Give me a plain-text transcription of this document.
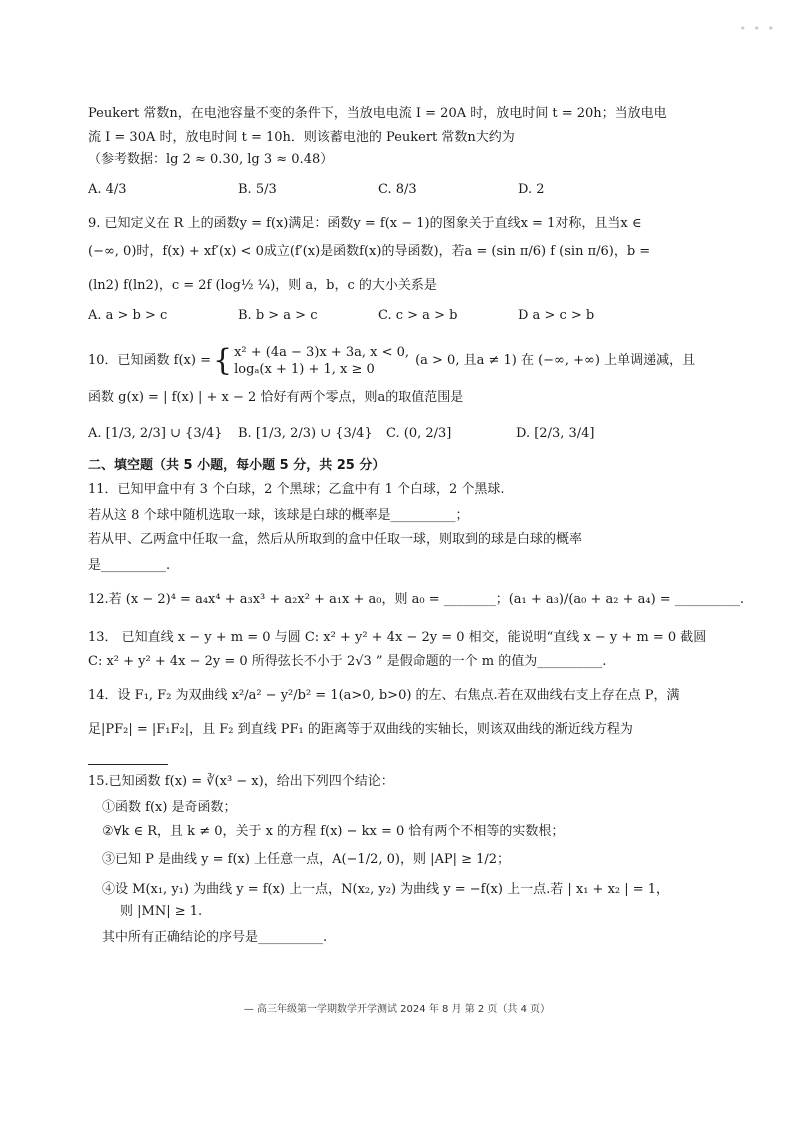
• • •
Peukert 常数n，在电池容量不变的条件下，当放电电流 I = 20A 时，放电时间 t = 20h；当放电电
流 I = 30A 时，放电时间 t = 10h．则该蓄电池的 Peukert 常数n大约为
（参考数据：lg 2 ≈ 0.30, lg 3 ≈ 0.48）
A. 4/3	B. 5/3	C. 8/3	D. 2
9. 已知定义在 R 上的函数y = f(x)满足：函数y = f(x − 1)的图象关于直线x = 1对称，且当x ∈
(−∞, 0)时，f(x) + xf′(x) < 0成立(f′(x)是函数f(x)的导函数)，若a = (sin π/6) f (sin π/6)，b =
(ln2) f(ln2)，c = 2f (log½ ¼)，则 a，b，c 的大小关系是
A. a > b > c	B. b > a > c	C. c > a > b	D a > c > b
10．已知函数 f(x) = { x² + (4a − 3)x + 3a, x < 0,
logₐ(x + 1) + 1, x ≥ 0
(a > 0, 且a ≠ 1) 在 (−∞, +∞) 上单调递减，且
函数 g(x) = | f(x) | + x − 2 恰好有两个零点，则a的取值范围是
A. [1/3, 2/3] ∪ {3/4}	B. [1/3, 2/3) ∪ {3/4}	C. (0, 2/3]	D. [2/3, 3/4]
二、填空题（共 5 小题，每小题 5 分，共 25 分）
11．已知甲盒中有 3 个白球，2 个黑球；乙盒中有 1 个白球，2 个黑球.
若从这 8 个球中随机选取一球，该球是白球的概率是__________；
若从甲、乙两盒中任取一盒，然后从所取到的盒中任取一球，则取到的球是白球的概率
是__________.
12.若 (x − 2)⁴ = a₄x⁴ + a₃x³ + a₂x² + a₁x + a₀，则 a₀ = ________；(a₁ + a₃)/(a₀ + a₂ + a₄) = __________.
13． 已知直线 x − y + m = 0 与圆 C: x² + y² + 4x − 2y = 0 相交，能说明“直线 x − y + m = 0 截圆
C: x² + y² + 4x − 2y = 0 所得弦长不小于 2√3 ” 是假命题的一个 m 的值为__________.
14．设 F₁, F₂ 为双曲线 x²/a² − y²/b² = 1(a>0, b>0) 的左、右焦点.若在双曲线右支上存在点 P，满
足|PF₂| = |F₁F₂|，且 F₂ 到直线 PF₁ 的距离等于双曲线的实轴长，则该双曲线的渐近线方程为
15.已知函数 f(x) = ∛(x³ − x)，给出下列四个结论：
①函数 f(x) 是奇函数；
②∀k ∈ R，且 k ≠ 0，关于 x 的方程 f(x) − kx = 0 恰有两个不相等的实数根；
③已知 P 是曲线 y = f(x) 上任意一点，A(−1/2, 0)，则 |AP| ≥ 1/2；
④设 M(x₁, y₁) 为曲线 y = f(x) 上一点，N(x₂, y₂) 为曲线 y = −f(x) 上一点.若 | x₁ + x₂ | = 1，
则 |MN| ≥ 1.
其中所有正确结论的序号是__________.
— 高三年级第一学期数学开学测试 2024 年 8 月 第 2 页（共 4 页）
